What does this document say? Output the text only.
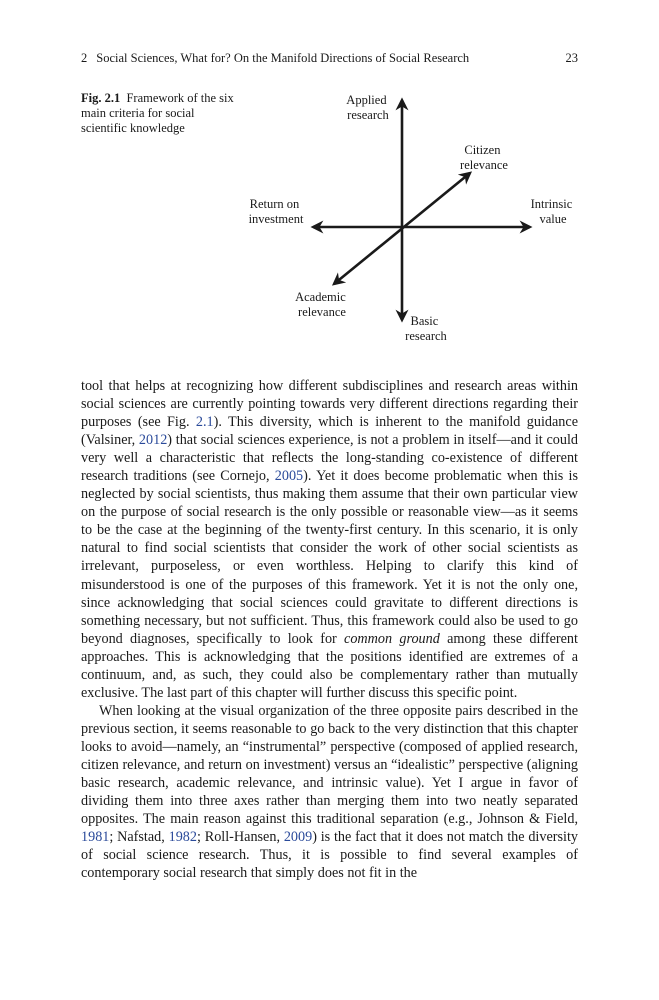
2 Social Sciences, What for? On the Manifold Directions of Social Research	23
Fig. 2.1 Framework of the six main criteria for social scientific knowledge
Applied research
Citizen relevance
Return on investment
Intrinsic value
Academic relevance
Basic research

tool that helps at recognizing how different subdisciplines and research areas within social sciences are currently pointing towards very different directions regarding their purposes (see Fig. 2.1). This diversity, which is inherent to the manifold guidance (Valsiner, 2012) that social sciences experience, is not a problem in itself—and it could very well a characteristic that reflects the long-standing co-existence of different research traditions (see Cornejo, 2005). Yet it does become problematic when this is neglected by social scientists, thus making them assume that their own particular view on the purpose of social research is the only possible or reasonable view—as it seems to be the case at the beginning of the twenty-first century. In this scenario, it is only natural to find social scientists that consider the work of other social scientists as irrelevant, purposeless, or even worthless. Helping to clarify this kind of misunderstood is one of the purposes of this framework. Yet it is not the only one, since acknowledging that social sciences could gravitate to different directions is something necessary, but not sufficient. Thus, this framework could also be used to go beyond diagnoses, specifically to look for common ground among these different approaches. This is acknowledging that the positions identified are extremes of a continuum, and, as such, they could also be complementary rather than mutually exclusive. The last part of this chapter will further discuss this specific point.

When looking at the visual organization of the three opposite pairs described in the previous section, it seems reasonable to go back to the very distinction that this chapter looks to avoid—namely, an “instrumental” perspective (composed of applied research, citizen relevance, and return on investment) versus an “idealistic” perspective (aligning basic research, academic relevance, and intrinsic value). Yet I argue in favor of dividing them into three axes rather than merging them into two neatly separated opposites. The main reason against this traditional separation (e.g., Johnson & Field, 1981; Nafstad, 1982; Roll-Hansen, 2009) is the fact that it does not match the diversity of social science research. Thus, it is possible to find several examples of contemporary social research that simply does not fit in the
